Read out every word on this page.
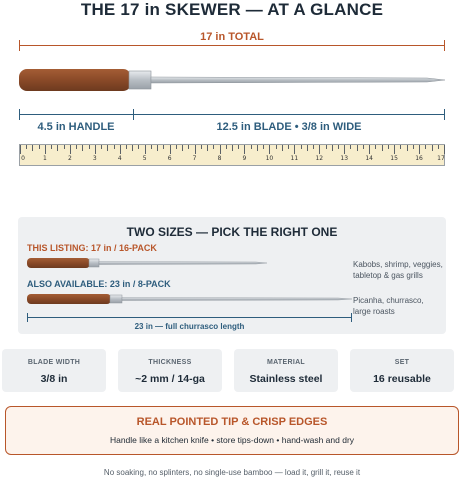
THE 17 in SKEWER — AT A GLANCE
17 in TOTAL
4.5 in HANDLE	12.5 in BLADE • 3/8 in WIDE
0	1	2	3	4	5	6	7	8	9	10	11	12	13	14	15	16 17
TWO SIZES — PICK THE RIGHT ONE
THIS LISTING: 17 in / 16-PACK
Kabobs, shrimp, veggies,
tabletop & gas grills
ALSO AVAILABLE: 23 in / 8-PACK
Picanha, churrasco,
large roasts
23 in — full churrasco length
BLADE WIDTH
3/8 in
THICKNESS
~2 mm / 14-ga
MATERIAL
Stainless steel
SET
16 reusable
REAL POINTED TIP & CRISP EDGES
Handle like a kitchen knife • store tips-down • hand-wash and dry
No soaking, no splinters, no single-use bamboo — load it, grill it, reuse it
